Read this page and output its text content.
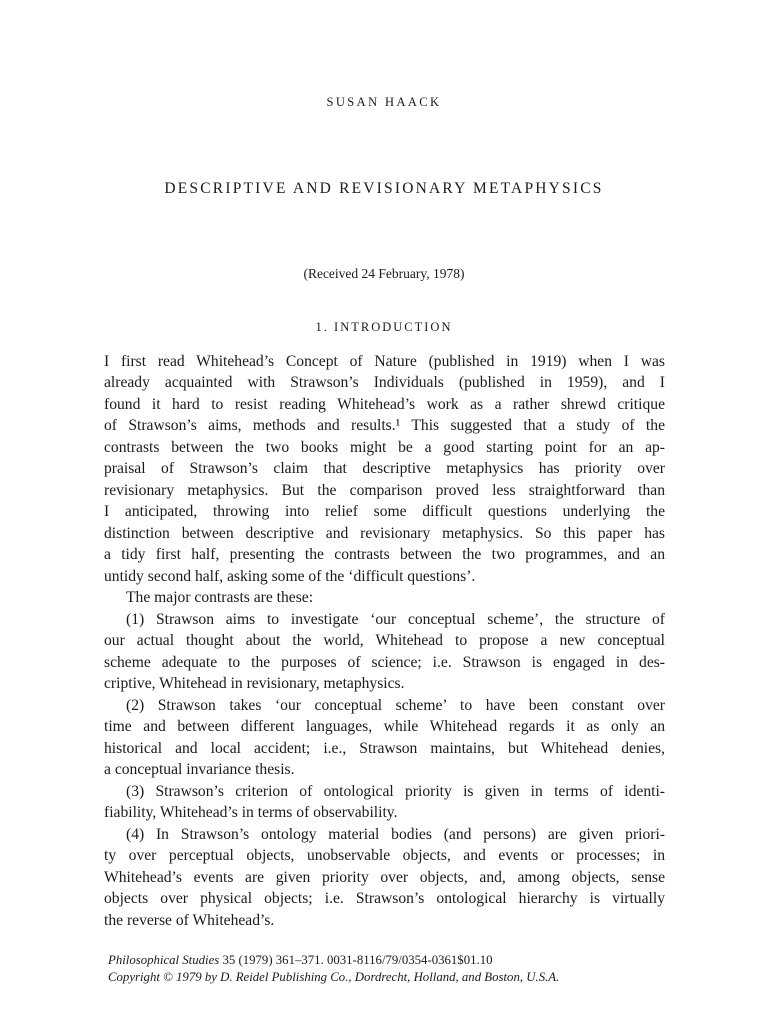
SUSAN HAACK
DESCRIPTIVE AND REVISIONARY METAPHYSICS
(Received 24 February, 1978)
1. INTRODUCTION
I first read Whitehead’s Concept of Nature (published in 1919) when I was
already acquainted with Strawson’s Individuals (published in 1959), and I
found it hard to resist reading Whitehead’s work as a rather shrewd critique
of Strawson’s aims, methods and results.¹ This suggested that a study of the
contrasts between the two books might be a good starting point for an ap-
praisal of Strawson’s claim that descriptive metaphysics has priority over
revisionary metaphysics. But the comparison proved less straightforward than
I anticipated, throwing into relief some difficult questions underlying the
distinction between descriptive and revisionary metaphysics. So this paper has
a tidy first half, presenting the contrasts between the two programmes, and an
untidy second half, asking some of the ‘difficult questions’.
The major contrasts are these:
(1) Strawson aims to investigate ‘our conceptual scheme’, the structure of
our actual thought about the world, Whitehead to propose a new conceptual
scheme adequate to the purposes of science; i.e. Strawson is engaged in des-
criptive, Whitehead in revisionary, metaphysics.
(2) Strawson takes ‘our conceptual scheme’ to have been constant over
time and between different languages, while Whitehead regards it as only an
historical and local accident; i.e., Strawson maintains, but Whitehead denies,
a conceptual invariance thesis.
(3) Strawson’s criterion of ontological priority is given in terms of identi-
fiability, Whitehead’s in terms of observability.
(4) In Strawson’s ontology material bodies (and persons) are given priori-
ty over perceptual objects, unobservable objects, and events or processes; in
Whitehead’s events are given priority over objects, and, among objects, sense
objects over physical objects; i.e. Strawson’s ontological hierarchy is virtually
the reverse of Whitehead’s.
Philosophical Studies 35 (1979) 361–371. 0031-8116/79/0354-0361$01.10
Copyright © 1979 by D. Reidel Publishing Co., Dordrecht, Holland, and Boston, U.S.A.
